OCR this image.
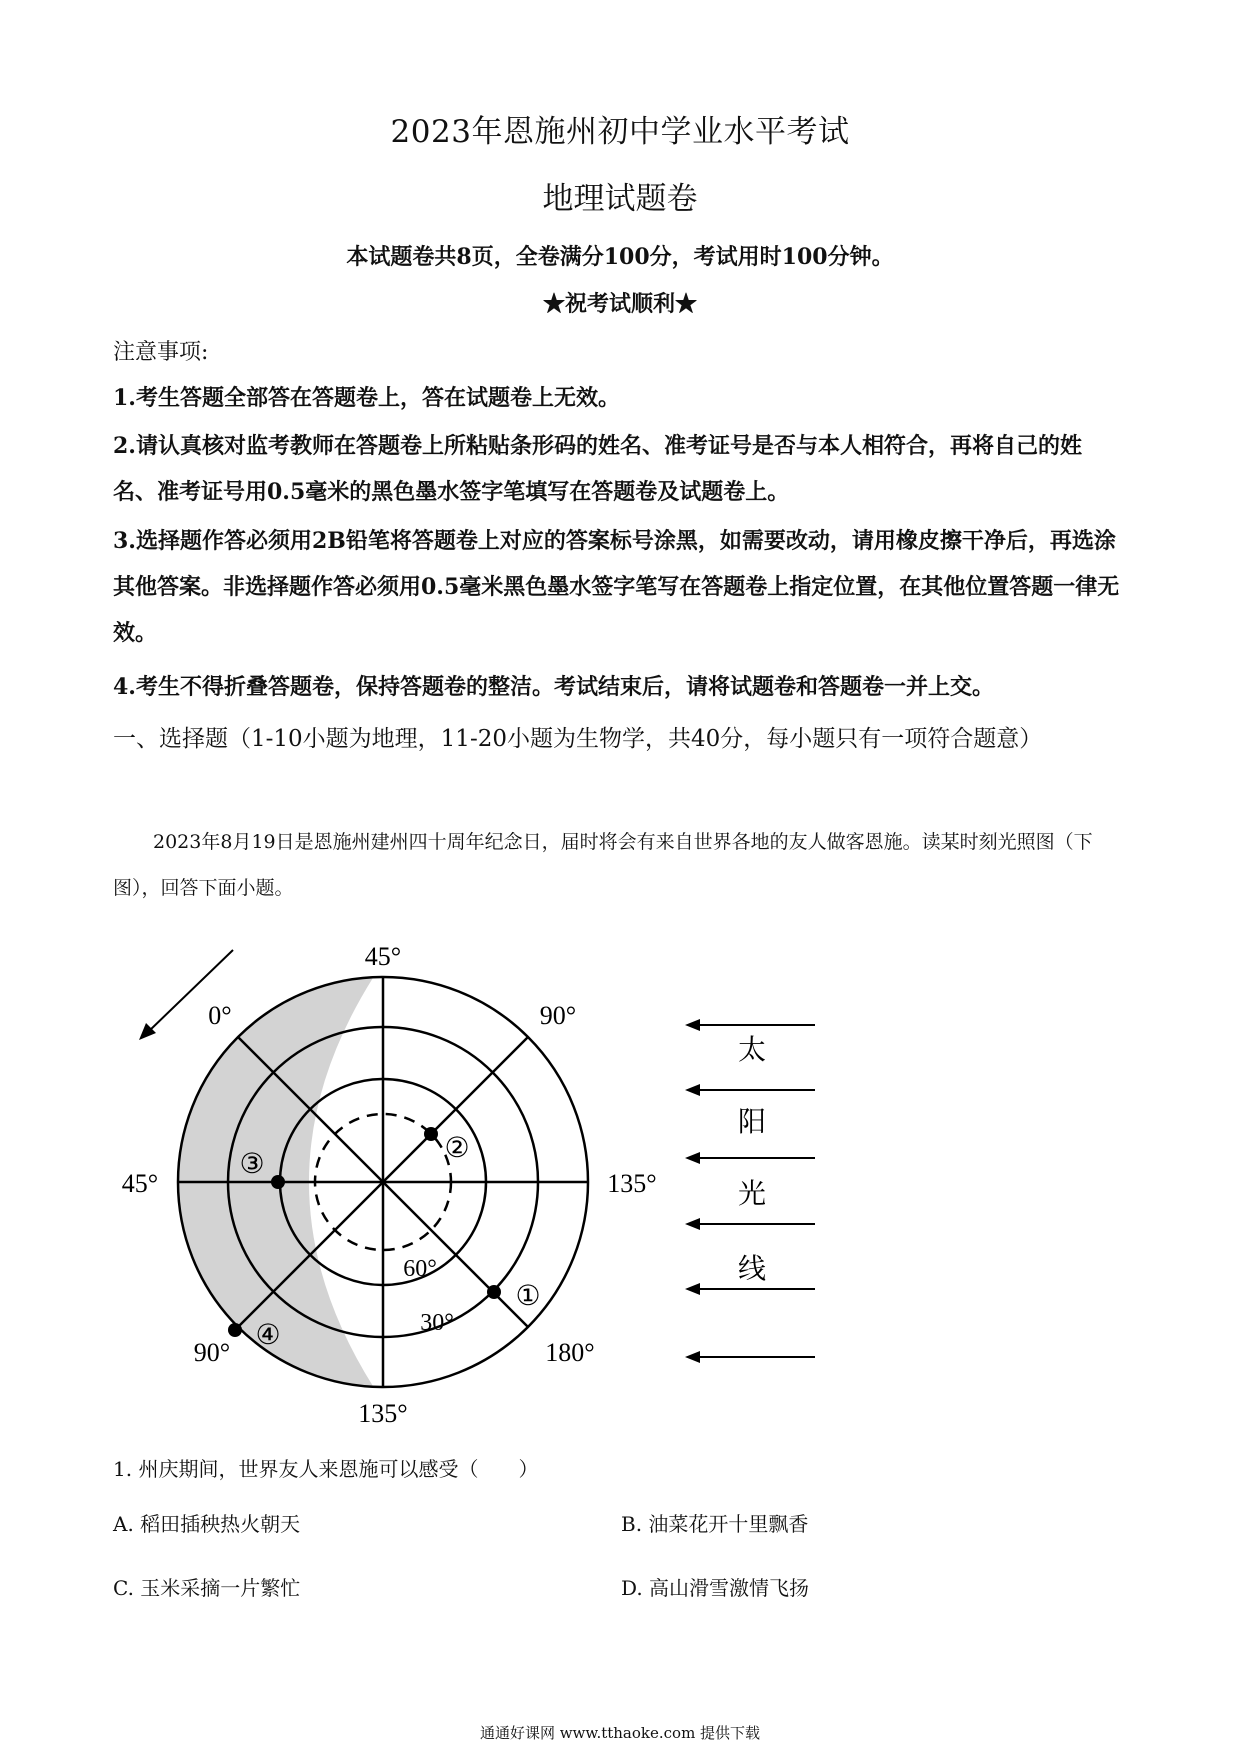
2023年恩施州初中学业水平考试
地理试题卷
本试题卷共8页，全卷满分100分，考试用时100分钟。
★祝考试顺利★
注意事项:
1.考生答题全部答在答题卷上，答在试题卷上无效。
2.请认真核对监考教师在答题卷上所粘贴条形码的姓名、准考证号是否与本人相符合，再将自己的姓名、准考证号用0.5毫米的黑色墨水签字笔填写在答题卷及试题卷上。
3.选择题作答必须用2B铅笔将答题卷上对应的答案标号涂黑，如需要改动，请用橡皮擦干净后，再选涂其他答案。非选择题作答必须用0.5毫米黑色墨水签字笔写在答题卷上指定位置，在其他位置答题一律无效。
4.考生不得折叠答题卷，保持答题卷的整洁。考试结束后，请将试题卷和答题卷一并上交。
一、选择题（1-10小题为地理，11-20小题为生物学，共40分，每小题只有一项符合题意）
2023年8月19日是恩施州建州四十周年纪念日，届时将会有来自世界各地的友人做客恩施。读某时刻光照图（下图），回答下面小题。
45°
90°
135°
180°
135°
90°
45°
0°
60°
30°
①
②
③
④
太
阳
光
线
1. 州庆期间，世界友人来恩施可以感受（　　）
A. 稻田插秧热火朝天	B. 油菜花开十里飘香
C. 玉米采摘一片繁忙	D. 高山滑雪激情飞扬
通通好课网 www.tthaoke.com 提供下载
